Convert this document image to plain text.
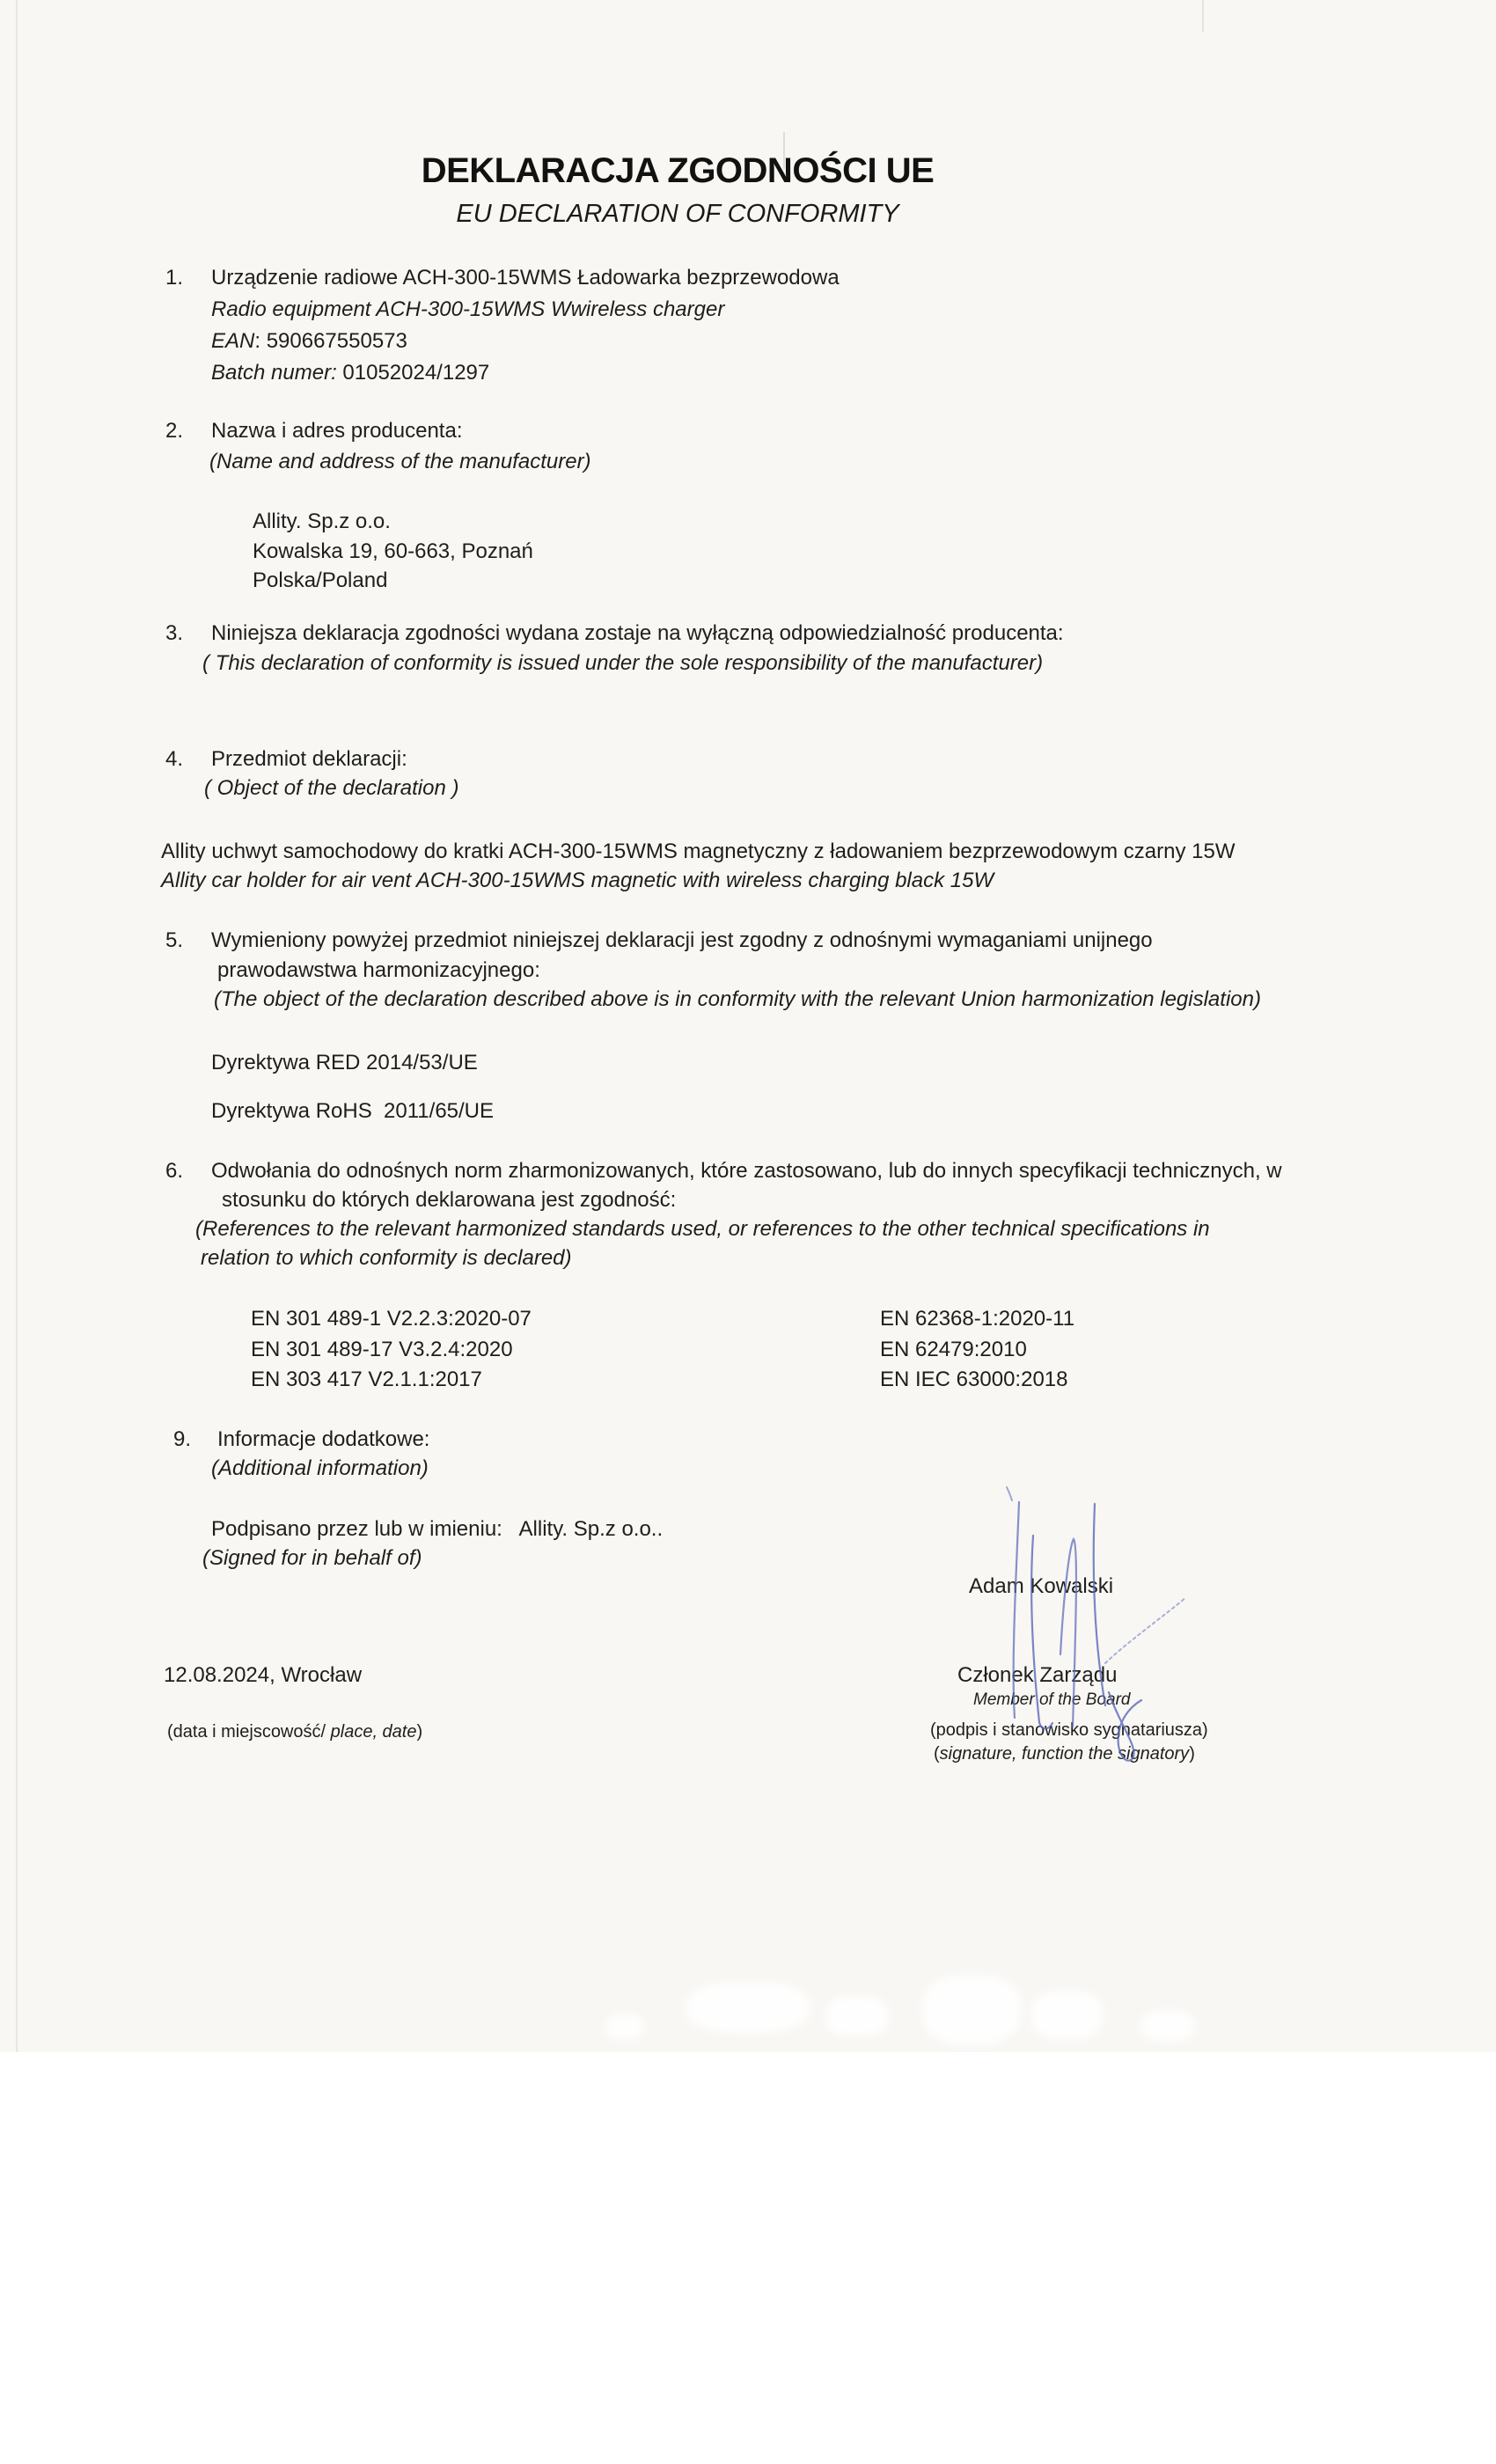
DEKLARACJA ZGODNOŚCI UE
EU DECLARATION OF CONFORMITY
1. Urządzenie radiowe ACH-300-15WMS Ładowarka bezprzewodowa
Radio equipment ACH-300-15WMS Wwireless charger
EAN: 590667550573
Batch numer: 01052024/1297
2. Nazwa i adres producenta:
(Name and address of the manufacturer)
Allity. Sp.z o.o.
Kowalska 19, 60-663, Poznań
Polska/Poland
3. Niniejsza deklaracja zgodności wydana zostaje na wyłączną odpowiedzialność producenta:
( This declaration of conformity is issued under the sole responsibility of the manufacturer)
4. Przedmiot deklaracji:
( Object of the declaration )
Allity uchwyt samochodowy do kratki ACH-300-15WMS magnetyczny z ładowaniem bezprzewodowym czarny 15W
Allity car holder for air vent ACH-300-15WMS magnetic with wireless charging black 15W
5. Wymieniony powyżej przedmiot niniejszej deklaracji jest zgodny z odnośnymi wymaganiami unijnego
prawodawstwa harmonizacyjnego:
(The object of the declaration described above is in conformity with the relevant Union harmonization legislation)
Dyrektywa RED 2014/53/UE
Dyrektywa RoHS  2011/65/UE
6. Odwołania do odnośnych norm zharmonizowanych, które zastosowano, lub do innych specyfikacji technicznych, w
stosunku do których deklarowana jest zgodność:
(References to the relevant harmonized standards used, or references to the other technical specifications in
relation to which conformity is declared)
EN 301 489-1 V2.2.3:2020-07
EN 301 489-17 V3.2.4:2020
EN 303 417 V2.1.1:2017
EN 62368-1:2020-11
EN 62479:2010
EN IEC 63000:2018
9. Informacje dodatkowe:
(Additional information)
Podpisano przez lub w imieniu:   Allity. Sp.z o.o..
(Signed for in behalf of)
Adam Kowalski
12.08.2024, Wrocław	Członek Zarządu
Member of the Board
(data i miejscowość/ place, date)	(podpis i stanowisko sygnatariusza)
(signature, function the signatory)
